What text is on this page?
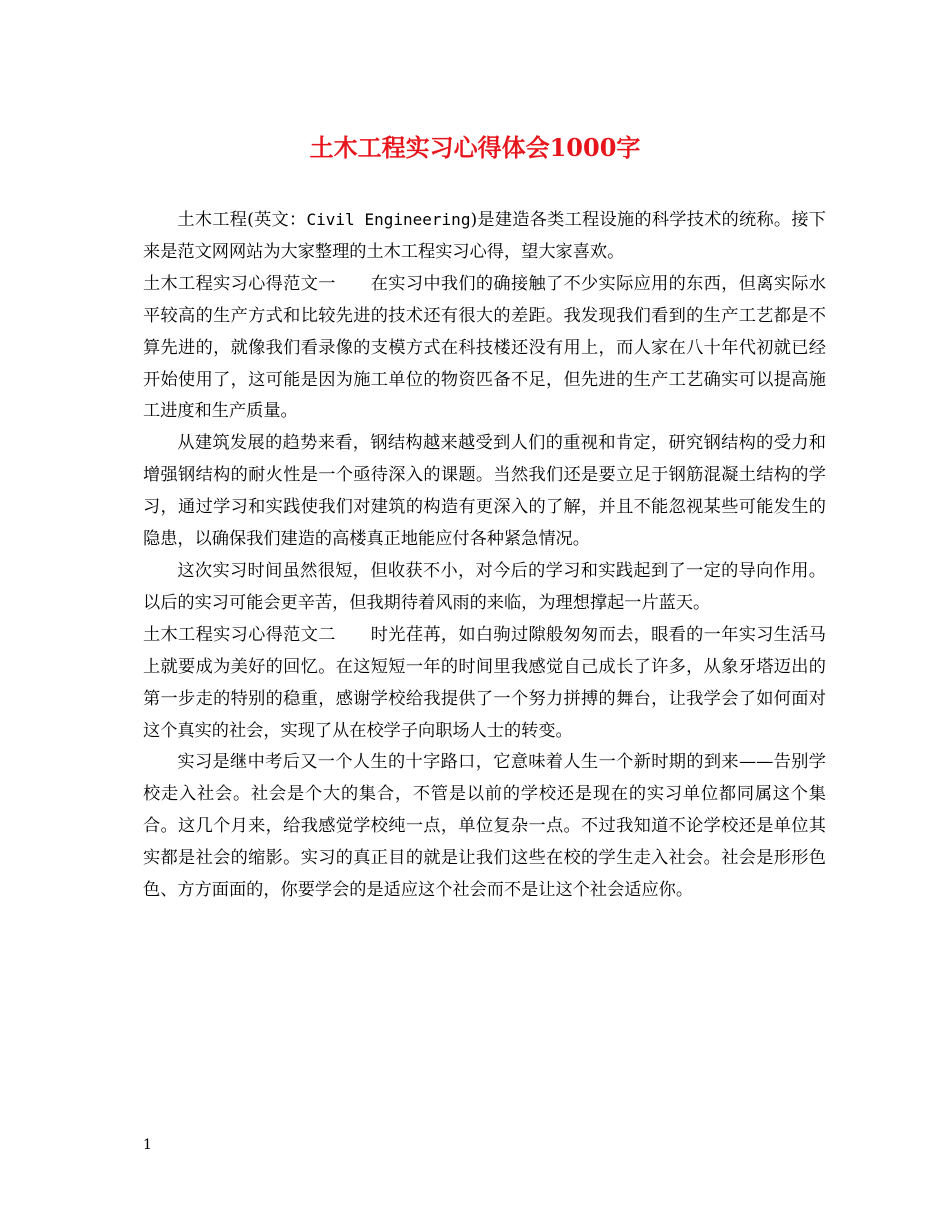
土木工程实习心得体会1000字

土木工程(英文：Civil Engineering)是建造各类工程设施的科学技术的统称。接下来是范文网网站为大家整理的土木工程实习心得，望大家喜欢。

土木工程实习心得范文一　　在实习中我们的确接触了不少实际应用的东西，但离实际水平较高的生产方式和比较先进的技术还有很大的差距。我发现我们看到的生产工艺都是不算先进的，就像我们看录像的支模方式在科技楼还没有用上，而人家在八十年代初就已经开始使用了，这可能是因为施工单位的物资匹备不足，但先进的生产工艺确实可以提高施工进度和生产质量。

从建筑发展的趋势来看，钢结构越来越受到人们的重视和肯定，研究钢结构的受力和增强钢结构的耐火性是一个亟待深入的课题。当然我们还是要立足于钢筋混凝土结构的学习，通过学习和实践使我们对建筑的构造有更深入的了解，并且不能忽视某些可能发生的隐患，以确保我们建造的高楼真正地能应付各种紧急情况。

这次实习时间虽然很短，但收获不小，对今后的学习和实践起到了一定的导向作用。以后的实习可能会更辛苦，但我期待着风雨的来临，为理想撑起一片蓝天。

土木工程实习心得范文二　　时光荏苒，如白驹过隙般匆匆而去，眼看的一年实习生活马上就要成为美好的回忆。在这短短一年的时间里我感觉自己成长了许多，从象牙塔迈出的第一步走的特别的稳重，感谢学校给我提供了一个努力拼搏的舞台，让我学会了如何面对这个真实的社会，实现了从在校学子向职场人士的转变。

实习是继中考后又一个人生的十字路口，它意味着人生一个新时期的到来——告别学校走入社会。社会是个大的集合，不管是以前的学校还是现在的实习单位都同属这个集合。这几个月来，给我感觉学校纯一点，单位复杂一点。不过我知道不论学校还是单位其实都是社会的缩影。实习的真正目的就是让我们这些在校的学生走入社会。社会是形形色色、方方面面的，你要学会的是适应这个社会而不是让这个社会适应你。

1
